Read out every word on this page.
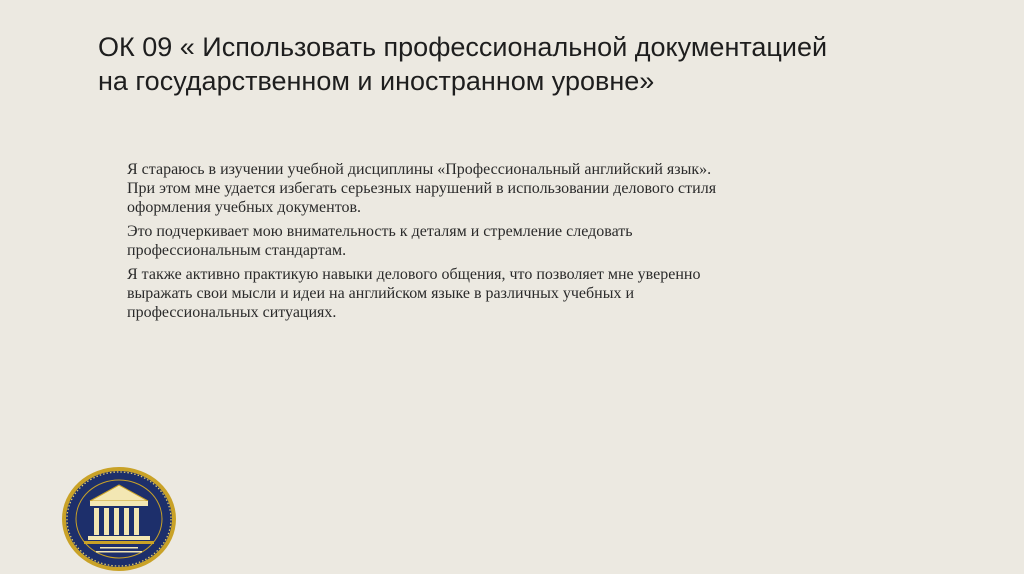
ОК 09 « Использовать профессиональной документацией
на государственном и иностранном уровне»

Я стараюсь в изучении учебной дисциплины «Профессиональный английский язык».
При этом мне удается избегать серьезных нарушений в использовании делового стиля
оформления учебных документов.

Это подчеркивает мою внимательность к деталям и стремление следовать
профессиональным стандартам.

Я также активно практикую навыки делового общения, что позволяет мне уверенно
выражать свои мысли и идеи на английском языке в различных учебных и
профессиональных ситуациях.
